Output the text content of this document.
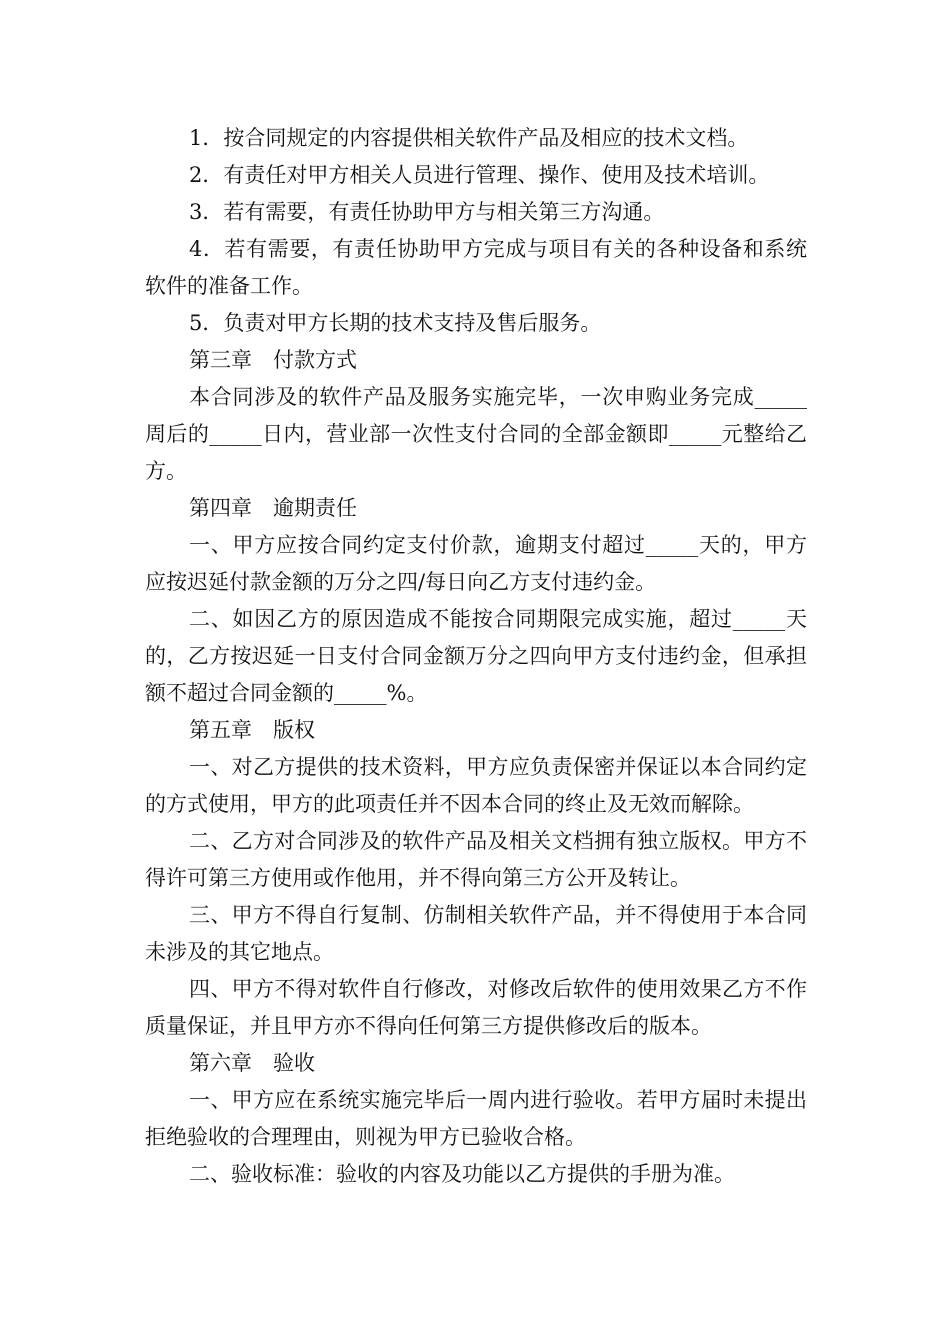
1．按合同规定的内容提供相关软件产品及相应的技术文档。

2．有责任对甲方相关人员进行管理、操作、使用及技术培训。

3．若有需要，有责任协助甲方与相关第三方沟通。

4．若有需要，有责任协助甲方完成与项目有关的各种设备和系统软件的准备工作。

5．负责对甲方长期的技术支持及售后服务。

第三章　付款方式

本合同涉及的软件产品及服务实施完毕，一次申购业务完成_____周后的_____日内，营业部一次性支付合同的全部金额即_____元整给乙方。

第四章　逾期责任

一、甲方应按合同约定支付价款，逾期支付超过_____天的，甲方应按迟延付款金额的万分之四/每日向乙方支付违约金。

二、如因乙方的原因造成不能按合同期限完成实施，超过_____天的，乙方按迟延一日支付合同金额万分之四向甲方支付违约金，但承担额不超过合同金额的_____%。

第五章　版权

一、对乙方提供的技术资料，甲方应负责保密并保证以本合同约定的方式使用，甲方的此项责任并不因本合同的终止及无效而解除。

二、乙方对合同涉及的软件产品及相关文档拥有独立版权。甲方不得许可第三方使用或作他用，并不得向第三方公开及转让。

三、甲方不得自行复制、仿制相关软件产品，并不得使用于本合同未涉及的其它地点。

四、甲方不得对软件自行修改，对修改后软件的使用效果乙方不作质量保证，并且甲方亦不得向任何第三方提供修改后的版本。

第六章　验收

一、甲方应在系统实施完毕后一周内进行验收。若甲方届时未提出拒绝验收的合理理由，则视为甲方已验收合格。

二、验收标准：验收的内容及功能以乙方提供的手册为准。
